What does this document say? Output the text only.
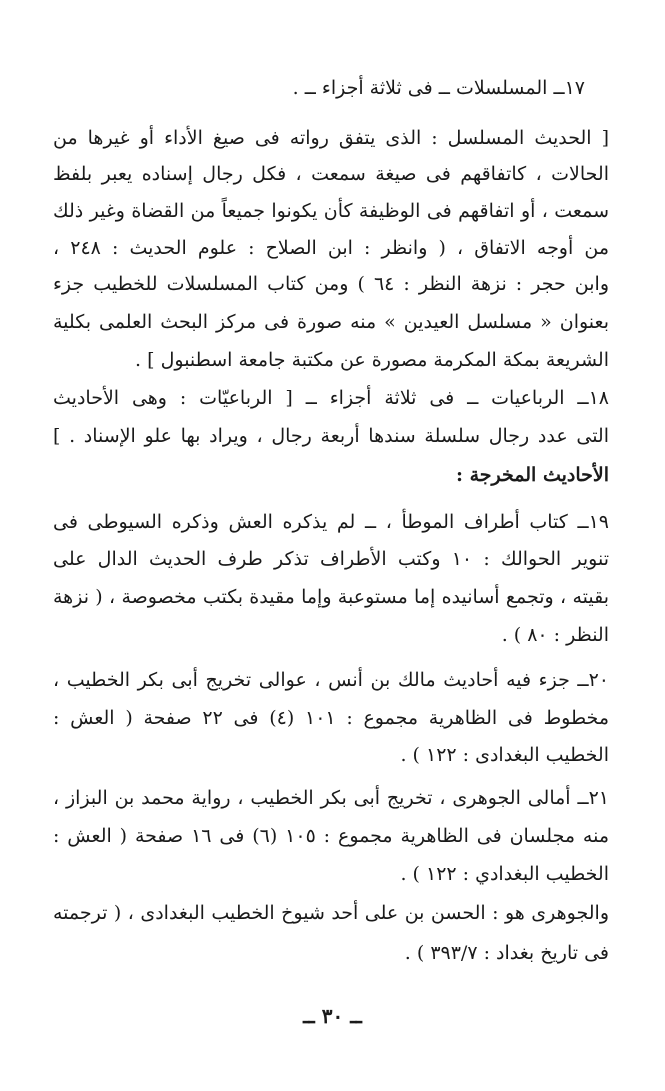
١٧ــ المسلسلات ــ فى ثلاثة أجزاء ــ .
[ الحديث المسلسل : الذى يتفق رواته فى صيغ الأداء أو غيرها من
الحالات ، كاتفاقهم فى صيغة سمعت ، فكل رجال إسناده يعبر بلفظ
سمعت ، أو اتفاقهم فى الوظيفة كأن يكونوا جميعاً من القضاة وغير ذلك
من أوجه الاتفاق ، ( وانظر : ابن الصلاح : علوم الحديث : ٢٤٨ ،
وابن حجر : نزهة النظر : ٦٤ ) ومن كتاب المسلسلات للخطيب جزء
بعنوان « مسلسل العيدين » منه صورة فى مركز البحث العلمى بكلية
الشريعة بمكة المكرمة مصورة عن مكتبة جامعة اسطنبول ] .
١٨ــ الرباعيات ــ فى ثلاثة أجزاء ــ [ الرباعيّات : وهى الأحاديث
التى عدد رجال سلسلة سندها أربعة رجال ، ويراد بها علو الإسناد . ]
الأحاديث المخرجة :
١٩ــ كتاب أطراف الموطأ ، ــ لم يذكره العش وذكره السيوطى فى
تنوير الحوالك : ١٠ وكتب الأطراف تذكر طرف الحديث الدال على
بقيته ، وتجمع أسانيده إما مستوعبة وإما مقيدة بكتب مخصوصة ، ( نزهة
النظر : ٨٠ ) .
٢٠ــ جزء فيه أحاديث مالك بن أنس ، عوالى تخريج أبى بكر الخطيب ،
مخطوط فى الظاهرية مجموع : ١٠١ (٤) فى ٢٢ صفحة ( العش :
الخطيب البغدادى : ١٢٢ ) .
٢١ــ أمالى الجوهرى ، تخريج أبى بكر الخطيب ، رواية محمد بن البزاز ،
منه مجلسان فى الظاهرية مجموع : ١٠٥ (٦) فى ١٦ صفحة ( العش :
الخطيب البغدادي : ١٢٢ ) .
والجوهرى هو : الحسن بن على أحد شيوخ الخطيب البغدادى ، ( ترجمته
فى تاريخ بغداد : ٣٩٣/٧ ) .
ــ ٣٠ ــ
